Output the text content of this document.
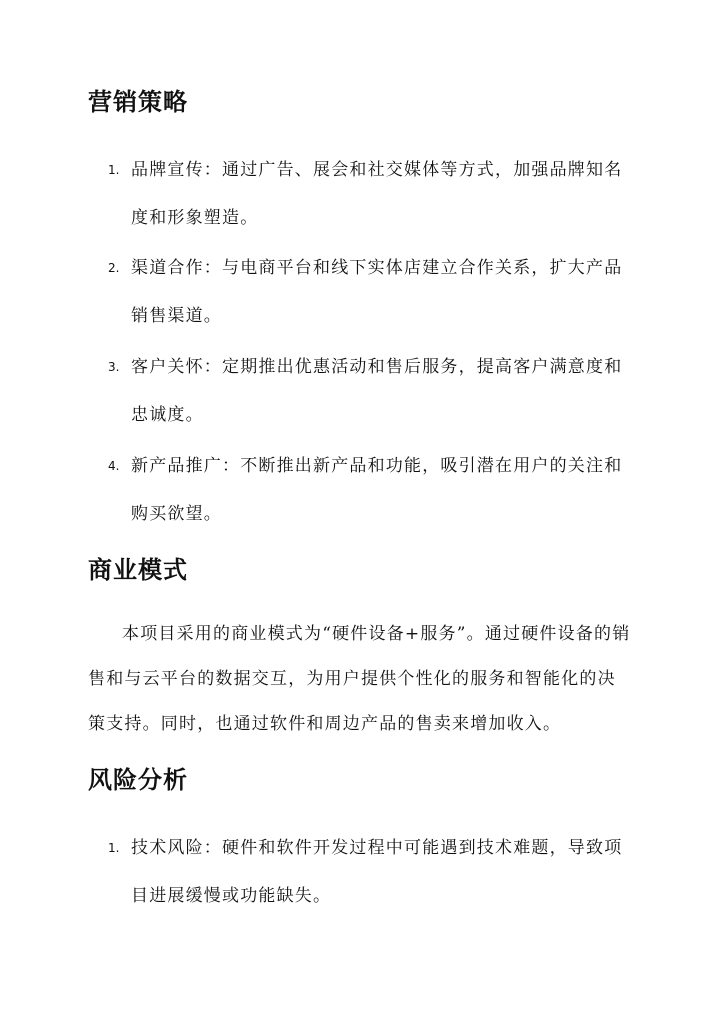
营销策略
1. 品牌宣传：通过广告、展会和社交媒体等方式，加强品牌知名度和形象塑造。
2. 渠道合作：与电商平台和线下实体店建立合作关系，扩大产品销售渠道。
3. 客户关怀：定期推出优惠活动和售后服务，提高客户满意度和忠诚度。
4. 新产品推广：不断推出新产品和功能，吸引潜在用户的关注和购买欲望。
商业模式
本项目采用的商业模式为“硬件设备+服务”。通过硬件设备的销售和与云平台的数据交互，为用户提供个性化的服务和智能化的决策支持。同时，也通过软件和周边产品的售卖来增加收入。
风险分析
1. 技术风险：硬件和软件开发过程中可能遇到技术难题，导致项目进展缓慢或功能缺失。
